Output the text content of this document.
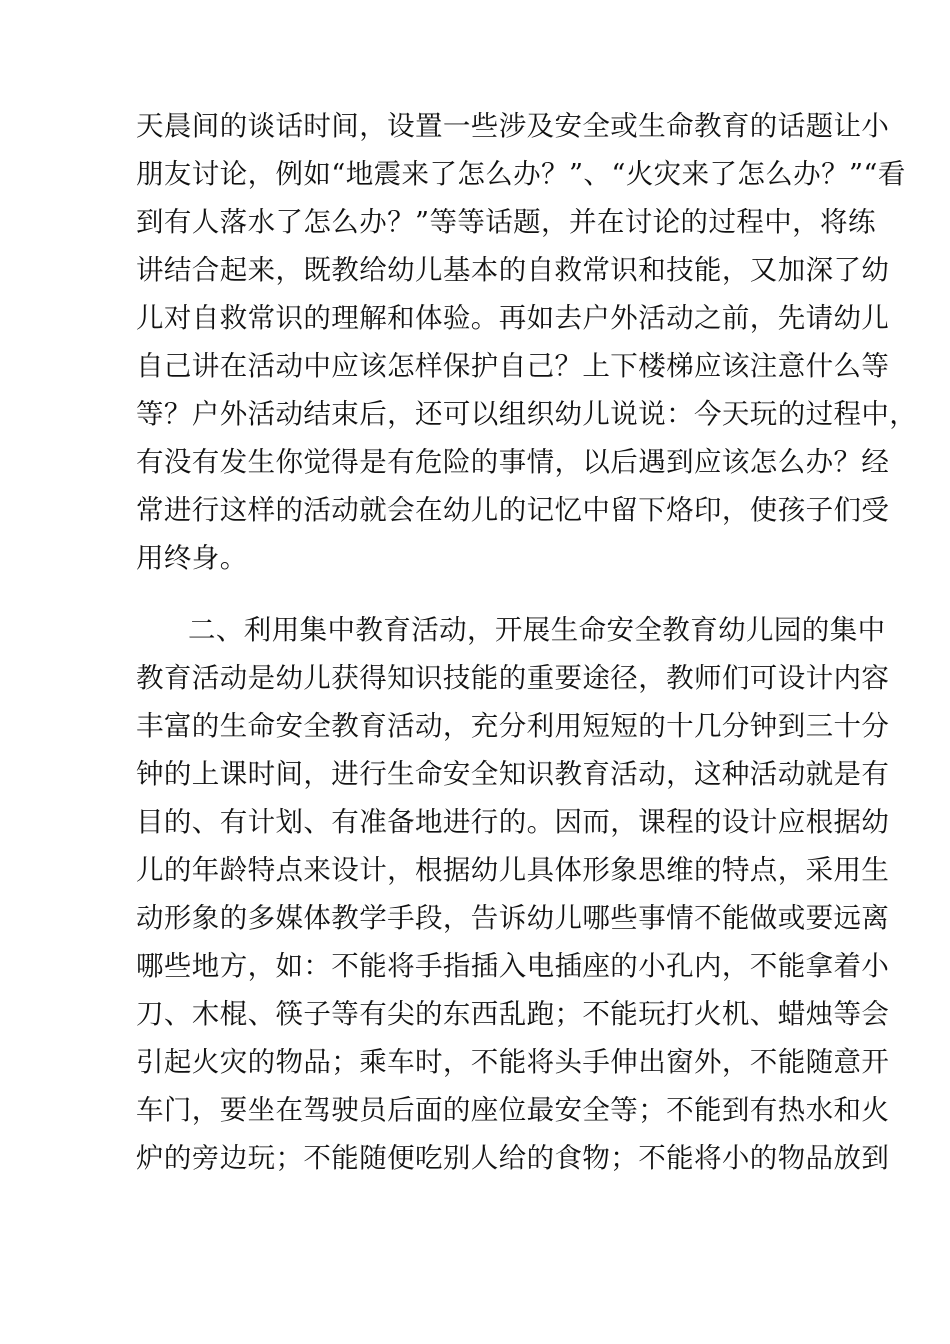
天晨间的谈话时间，设置一些涉及安全或生命教育的话题让小
朋友讨论，例如“地震来了怎么办？”、“火灾来了怎么办？”“看
到有人落水了怎么办？”等等话题，并在讨论的过程中，将练
讲结合起来，既教给幼儿基本的自救常识和技能，又加深了幼
儿对自救常识的理解和体验。再如去户外活动之前，先请幼儿
自己讲在活动中应该怎样保护自己？上下楼梯应该注意什么等
等？户外活动结束后，还可以组织幼儿说说：今天玩的过程中，
有没有发生你觉得是有危险的事情，以后遇到应该怎么办？经
常进行这样的活动就会在幼儿的记忆中留下烙印，使孩子们受
用终身。
二、利用集中教育活动，开展生命安全教育幼儿园的集中
教育活动是幼儿获得知识技能的重要途径，教师们可设计内容
丰富的生命安全教育活动，充分利用短短的十几分钟到三十分
钟的上课时间，进行生命安全知识教育活动，这种活动就是有
目的、有计划、有准备地进行的。因而，课程的设计应根据幼
儿的年龄特点来设计，根据幼儿具体形象思维的特点，采用生
动形象的多媒体教学手段，告诉幼儿哪些事情不能做或要远离
哪些地方，如：不能将手指插入电插座的小孔内，不能拿着小
刀、木棍、筷子等有尖的东西乱跑；不能玩打火机、蜡烛等会
引起火灾的物品；乘车时，不能将头手伸出窗外，不能随意开
车门，要坐在驾驶员后面的座位最安全等；不能到有热水和火
炉的旁边玩；不能随便吃别人给的食物；不能将小的物品放到
